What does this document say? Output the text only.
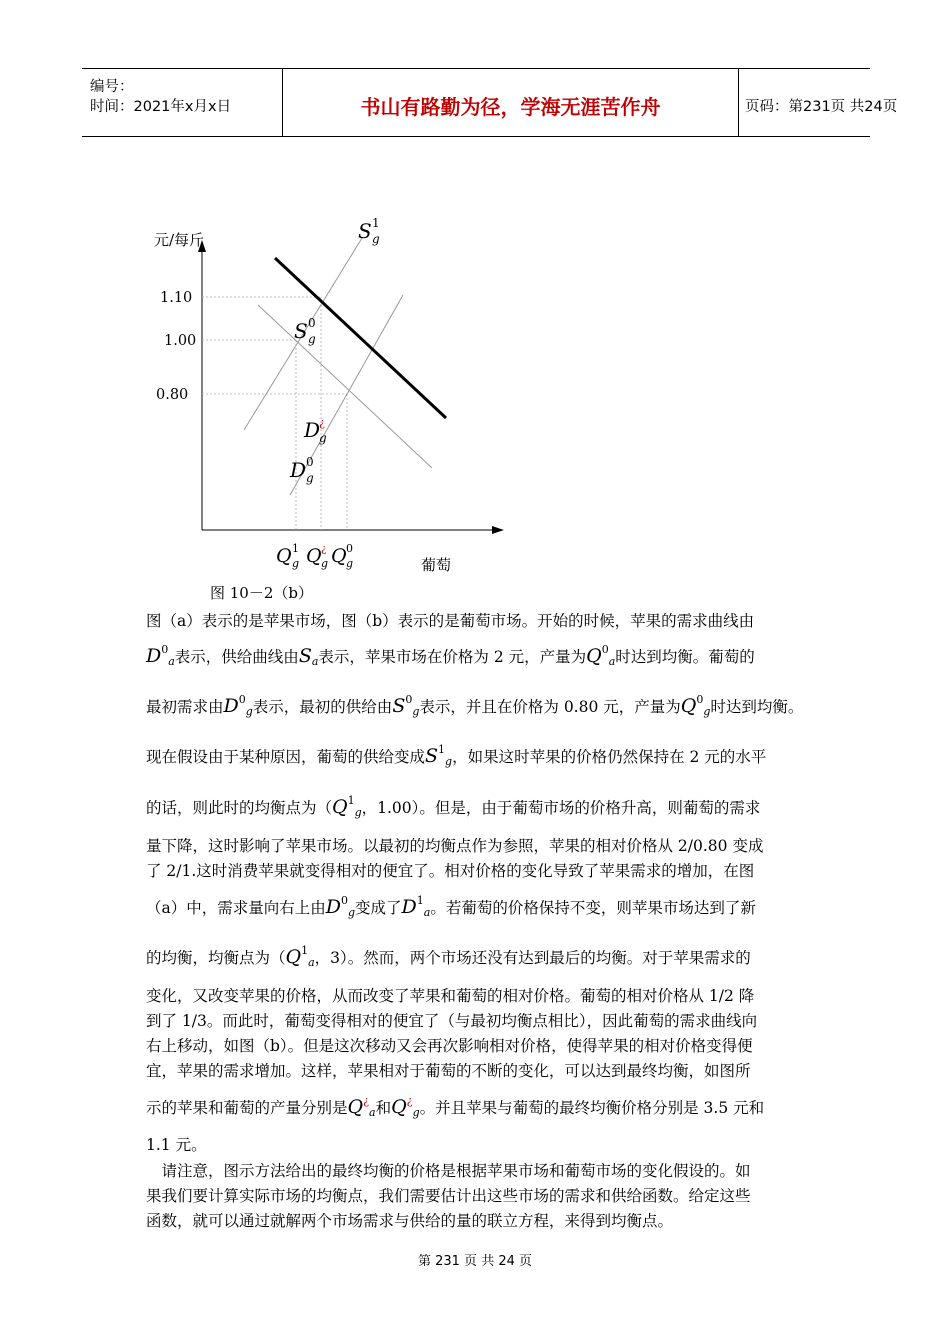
编号：
时间：2021年x月x日	书山有路勤为径，学海无涯苦作舟	页码：第231页 共24页
元/每斤
葡萄
1.10
1.00
0.80
S 1
g
S 0
g
D
¿
g
D 0
g
Q 1
g Q ¿
g Q 0
g
图 10－2（b）
图（a）表示的是苹果市场，图（b）表示的是葡萄市场。开始的时候，苹果的需求曲线由
$D^0a$表示，供给曲线由Sa表示，苹果市场在价格为 2 元，产量为$Q^0a$时达到均衡。葡萄的
最初需求由$D^0g$表示，最初的供给由$S^0g$表示，并且在价格为 0.80 元，产量为$Q^0g$时达到均衡。
现在假设由于某种原因，葡萄的供给变成$S^1g$，如果这时苹果的价格仍然保持在 2 元的水平
的话，则此时的均衡点为（$Q^1g$，1.00）。但是，由于葡萄市场的价格升高，则葡萄的需求
量下降，这时影响了苹果市场。以最初的均衡点作为参照，苹果的相对价格从 2/0.80 变成
了 2/1.这时消费苹果就变得相对的便宜了。相对价格的变化导致了苹果需求的增加，在图
（a）中，需求量向右上由$D^0g$变成了$D^1a$。若葡萄的价格保持不变，则苹果市场达到了新
的均衡，均衡点为（$Q^1a$，3）。然而，两个市场还没有达到最后的均衡。对于苹果需求的
变化，又改变苹果的价格，从而改变了苹果和葡萄的相对价格。葡萄的相对价格从 1/2 降
到了 1/3。而此时，葡萄变得相对的便宜了（与最初均衡点相比），因此葡萄的需求曲线向
右上移动，如图（b）。但是这次移动又会再次影响相对价格，使得苹果的相对价格变得便
宜，苹果的需求增加。这样，苹果相对于葡萄的不断的变化，可以达到最终均衡，如图所
示的苹果和葡萄的产量分别是Q¿a和Q¿g。并且苹果与葡萄的最终均衡价格分别是 3.5 元和
1.1 元。
　请注意，图示方法给出的最终均衡的价格是根据苹果市场和葡萄市场的变化假设的。如
果我们要计算实际市场的均衡点，我们需要估计出这些市场的需求和供给函数。给定这些
函数，就可以通过就解两个市场需求与供给的量的联立方程，来得到均衡点。
第 231 页 共 24 页
